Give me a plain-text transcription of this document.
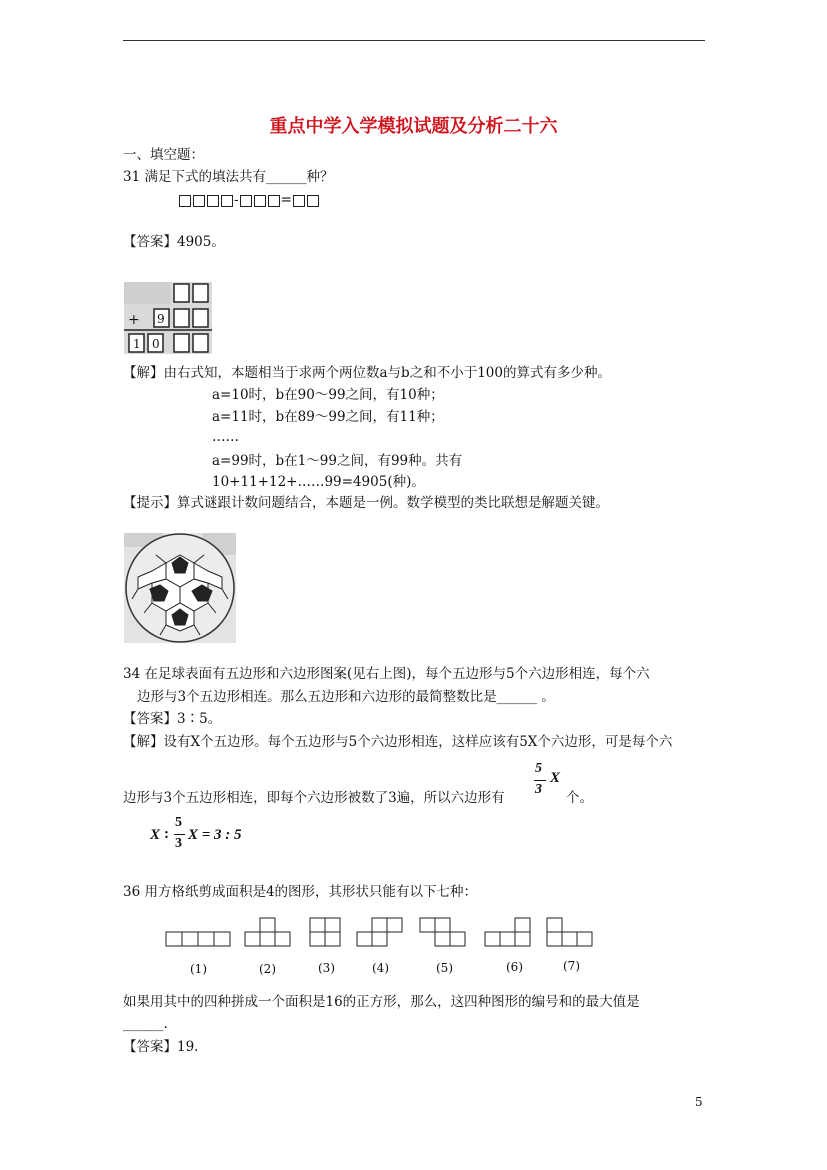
重点中学入学模拟试题及分析二十六
一、填空题：
31 满足下式的填法共有______种？
-	=
【答案】4905。
+ 9
1 0
【解】由右式知，本题相当于求两个两位数a与b之和不小于100的算式有多少种。
a=10时，b在90～99之间，有10种；
a=11时，b在89～99之间，有11种；
……
a=99时，b在1～99之间，有99种。共有
10+11+12+……99=4905(种)。
【提示】算式谜跟计数问题结合，本题是一例。数学模型的类比联想是解题关键。
34 在足球表面有五边形和六边形图案(见右上图)，每个五边形与5个六边形相连，每个六
边形与3个五边形相连。那么五边形和六边形的最简整数比是______ 。
【答案】3∶5。
【解】设有X个五边形。每个五边形与5个六边形相连，这样应该有5X个六边形，可是每个六
边形与3个五边形相连，即每个六边形被数了3遍，所以六边形有
5
3
X
个。
X :
5
3
X = 3 : 5
36 用方格纸剪成面积是4的图形，其形状只能有以下七种：
(1)	(2)	(3)	(4)	(5)	(6)	(7)
如果用其中的四种拼成一个面积是16的正方形，那么，这四种图形的编号和的最大值是
______.
【答案】19.
5
